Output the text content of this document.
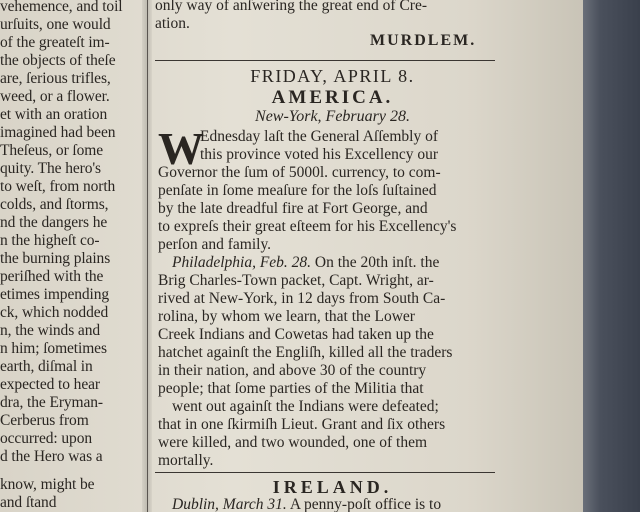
vehemence, and toil
urſuits, one would
of the greateſt im-
the objects of theſe
are, ſerious trifles,
weed, or a flower.
et with an oration
imagined had been
Theſeus, or ſome
quity. The hero's
to weſt, from north
colds, and ſtorms,
nd the dangers he
n the higheſt co-
the burning plains
periſhed with the
etimes impending
ck, which nodded
n, the winds and
n him; ſometimes
earth, diſmal in
expected to hear
dra, the Eryman-
Cerberus from
occurred: upon
d the Hero was a
know, might be
and ſtand
only way of anſwering the great end of Cre-
ation.
MURDLEM.
FRIDAY, APRIL 8.
AMERICA.
New-York, February 28.
W
Ednesday laſt the General Aſſembly of
this province voted his Excellency our
Governor the ſum of 5000l. currency, to com-
penſate in ſome meaſure for the loſs ſuſtained
by the late dreadful fire at Fort George, and
to expreſs their great eſteem for his Excellency's
perſon and family.
Philadelphia, Feb. 28. On the 20th inſt. the
Brig Charles-Town packet, Capt. Wright, ar-
rived at New-York, in 12 days from South Ca-
rolina, by whom we learn, that the Lower
Creek Indians and Cowetas had taken up the
hatchet againſt the Engliſh, killed all the traders
in their nation, and above 30 of the country
people; that ſome parties of the Militia that
went out againſt the Indians were defeated;
that in one ſkirmiſh Lieut. Grant and ſix others
were killed, and two wounded, one of them
mortally.
IRELAND.
Dublin, March 31. A penny-poſt office is to
